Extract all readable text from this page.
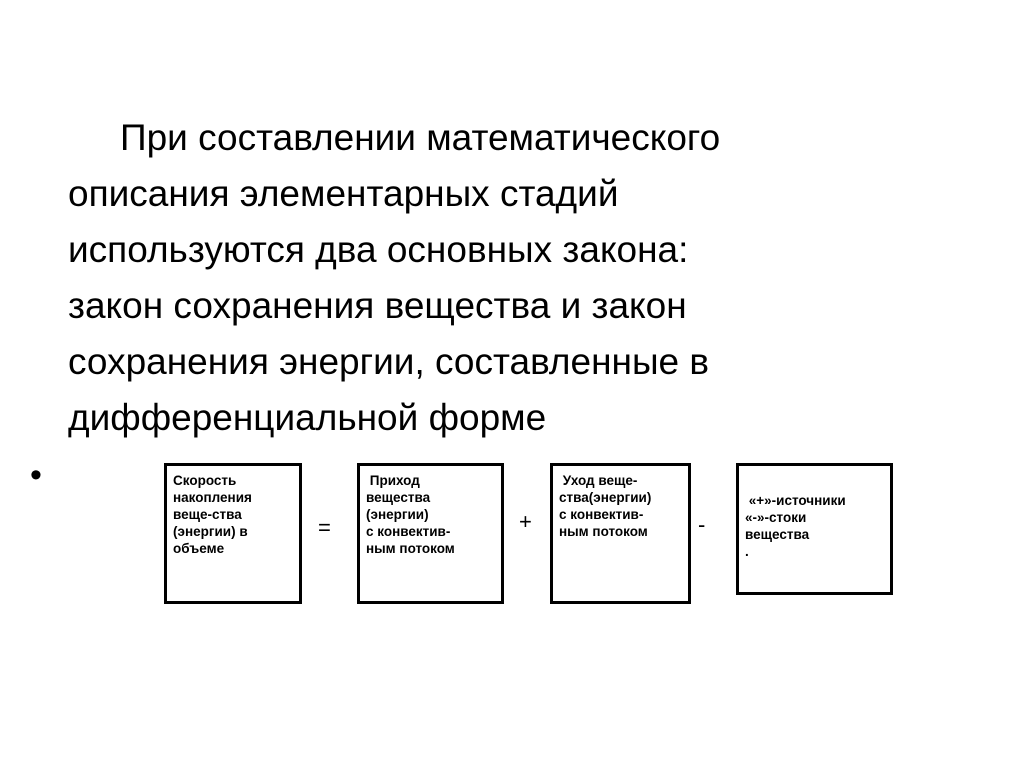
При составлении математического
описания элементарных стадий
используются два основных закона:
закон сохранения вещества и закон
сохранения энергии, составленные в
дифференциальной форме

•	Скорость
накопления
веще-ства
(энергии) в
объеме
=
Приход
вещества
(энергии)
с конвектив-
ным потоком
+
Уход веще-
ства(энергии)
с конвектив-
ным потоком	-
«+»-источники
«-»-стоки
вещества
.
